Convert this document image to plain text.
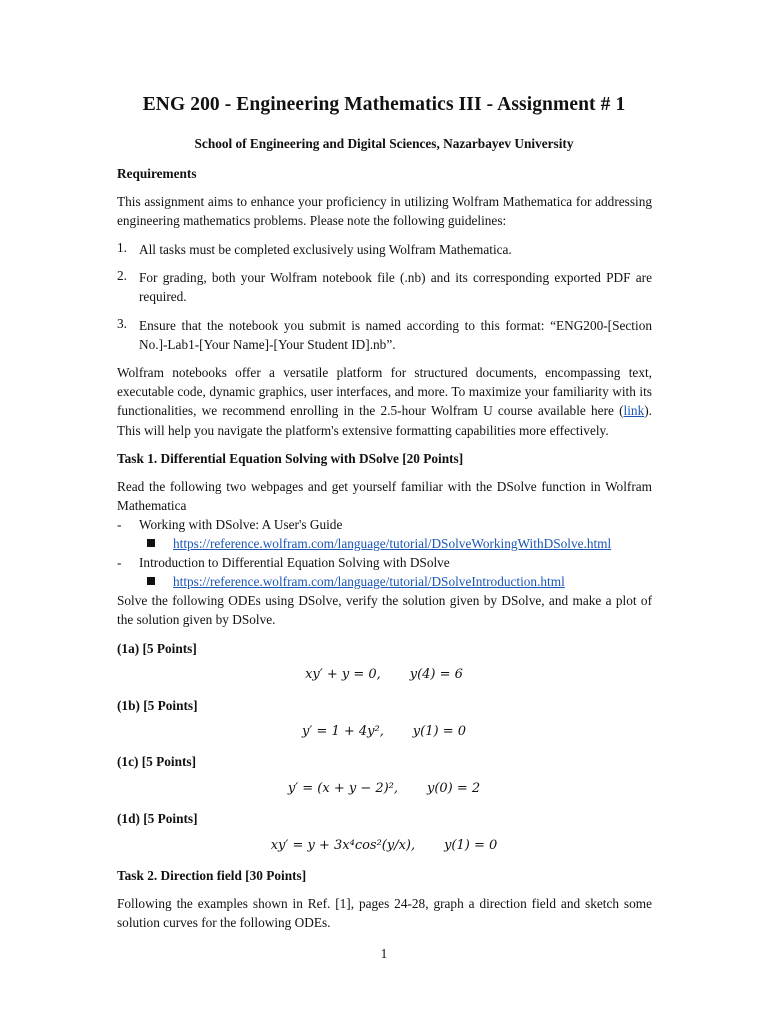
ENG 200 - Engineering Mathematics III - Assignment # 1
School of Engineering and Digital Sciences, Nazarbayev University
Requirements

This assignment aims to enhance your proficiency in utilizing Wolfram Mathematica for addressing engineering mathematics problems. Please note the following guidelines:

1. All tasks must be completed exclusively using Wolfram Mathematica.
2. For grading, both your Wolfram notebook file (.nb) and its corresponding exported PDF are required.
3. Ensure that the notebook you submit is named according to this format: “ENG200-[Section No.]-Lab1-[Your Name]-[Your Student ID].nb”.

Wolfram notebooks offer a versatile platform for structured documents, encompassing text, executable code, dynamic graphics, user interfaces, and more. To maximize your familiarity with its functionalities, we recommend enrolling in the 2.5-hour Wolfram U course available here (link). This will help you navigate the platform's extensive formatting capabilities more effectively.

Task 1. Differential Equation Solving with DSolve [20 Points]
Read the following two webpages and get yourself familiar with the DSolve function in Wolfram
Mathematica
- Working with DSolve: A User's Guide
https://reference.wolfram.com/language/tutorial/DSolveWorkingWithDSolve.html
- Introduction to Differential Equation Solving with DSolve
https://reference.wolfram.com/language/tutorial/DSolveIntroduction.html

Solve the following ODEs using DSolve, verify the solution given by DSolve, and make a plot of the solution given by DSolve.

(1a) [5 Points]
xy′ + y = 0, y(4) = 6
(1b) [5 Points]
y′ = 1 + 4y², y(1) = 0
(1c) [5 Points]
y′ = (x + y − 2)², y(0) = 2
(1d) [5 Points]
xy′ = y + 3x⁴cos²(y/x), y(1) = 0
Task 2. Direction field [30 Points]

Following the examples shown in Ref. [1], pages 24-28, graph a direction field and sketch some solution curves for the following ODEs.

1
